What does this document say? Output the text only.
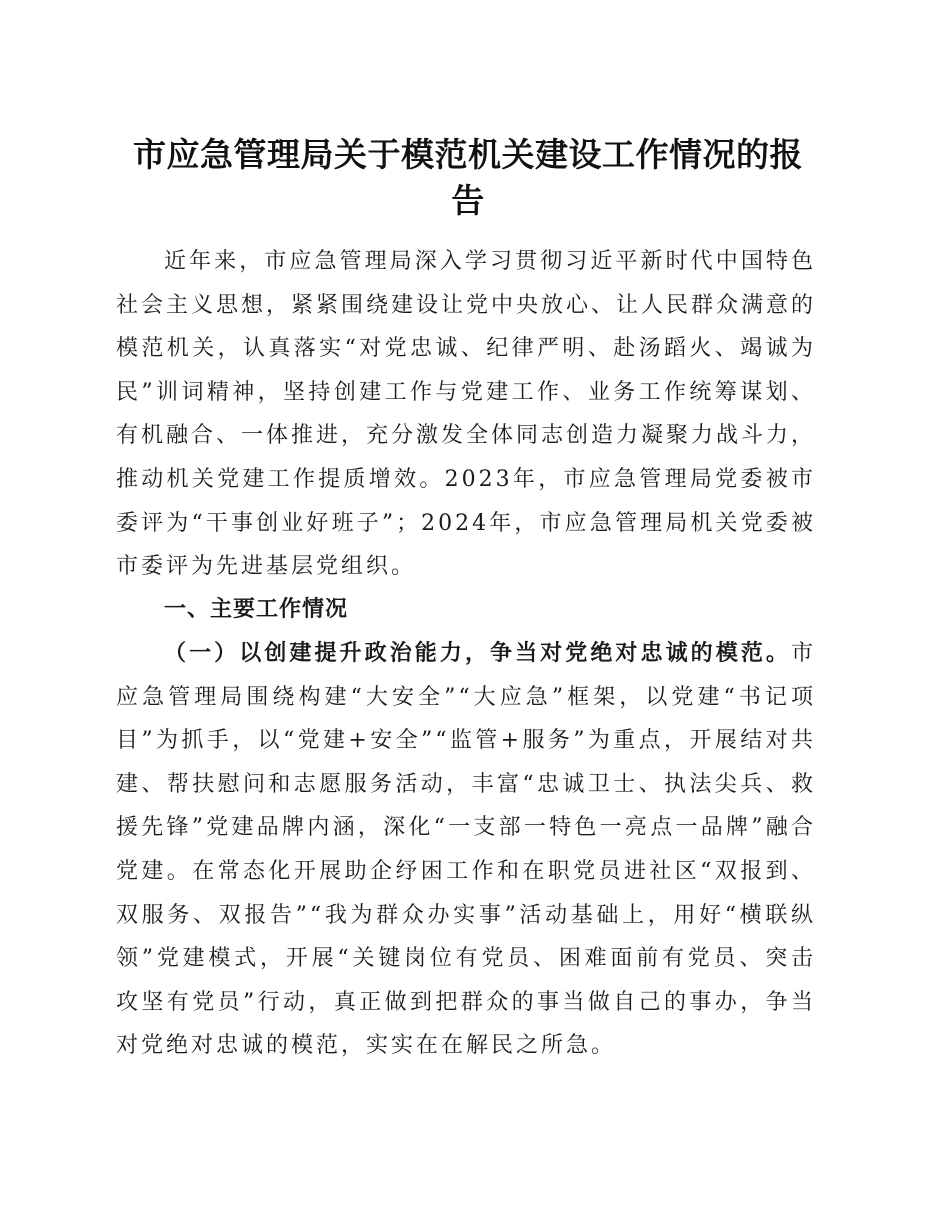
市应急管理局关于模范机关建设工作情况的报告

近年来，市应急管理局深入学习贯彻习近平新时代中国特色社会主义思想，紧紧围绕建设让党中央放心、让人民群众满意的模范机关，认真落实“对党忠诚、纪律严明、赴汤蹈火、竭诚为民”训词精神，坚持创建工作与党建工作、业务工作统筹谋划、有机融合、一体推进，充分激发全体同志创造力凝聚力战斗力，推动机关党建工作提质增效。2023年，市应急管理局党委被市委评为“干事创业好班子”；2024年，市应急管理局机关党委被市委评为先进基层党组织。

一、主要工作情况

（一）以创建提升政治能力，争当对党绝对忠诚的模范。市应急管理局围绕构建“大安全”“大应急”框架，以党建“书记项目”为抓手，以“党建+安全”“监管+服务”为重点，开展结对共建、帮扶慰问和志愿服务活动，丰富“忠诚卫士、执法尖兵、救援先锋”党建品牌内涵，深化“一支部一特色一亮点一品牌”融合党建。在常态化开展助企纾困工作和在职党员进社区“双报到、双服务、双报告”“我为群众办实事”活动基础上，用好“横联纵领”党建模式，开展“关键岗位有党员、困难面前有党员、突击攻坚有党员”行动，真正做到把群众的事当做自己的事办，争当对党绝对忠诚的模范，实实在在解民之所急。
